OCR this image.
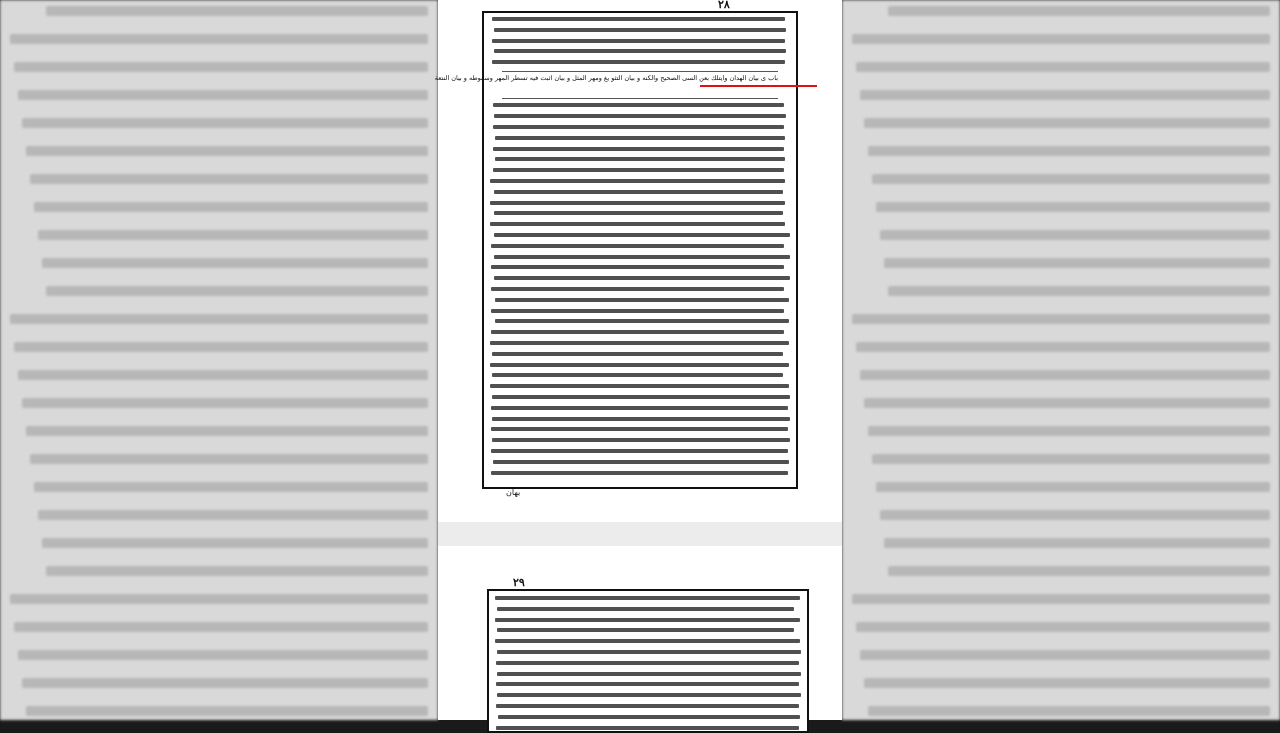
٢٨
باب ى بيان الهدان وايتلك بعن السى الصحيح والكنه و بيان التثو يغ ومهر المثل و بيان اثبت فيه تسطر المهر وسقوطه و بيان النتعة
بهان
٢٩
